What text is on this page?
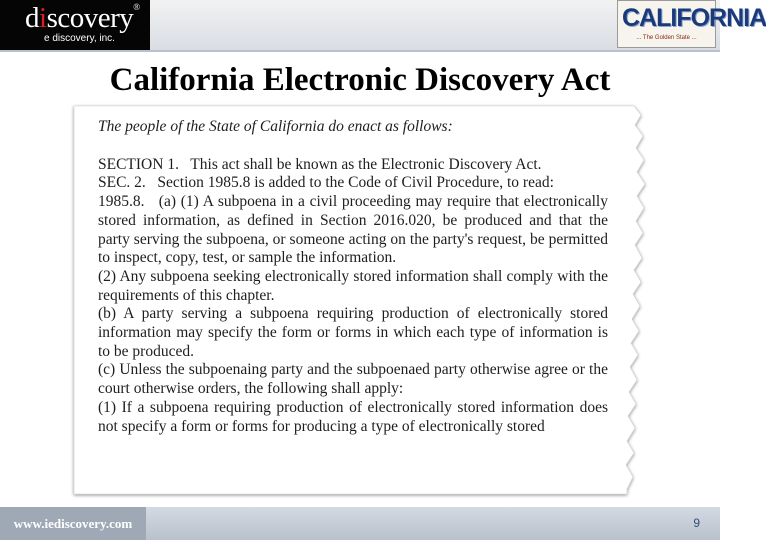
discovery®
e discovery, inc.
CALIFORNIA
... The Golden State ...
California Electronic Discovery Act

The people of the State of California do enact as follows:

SECTION 1.   This act shall be known as the Electronic Discovery Act.

SEC. 2.   Section 1985.8 is added to the Code of Civil Procedure, to read:

1985.8.   (a) (1) A subpoena in a civil proceeding may require that electronically stored information, as defined in Section 2016.020, be produced and that the party serving the subpoena, or someone acting on the party's request, be permitted to inspect, copy, test, or sample the information.

(2) Any subpoena seeking electronically stored information shall comply with the requirements of this chapter.

(b) A party serving a subpoena requiring production of electronically stored information may specify the form or forms in which each type of information is to be produced.

(c) Unless the subpoenaing party and the subpoenaed party otherwise agree or the court otherwise orders, the following shall apply:

(1) If a subpoena requiring production of electronically stored information does not specify a form or forms for producing a type of electronically stored

www.iediscovery.com	9
